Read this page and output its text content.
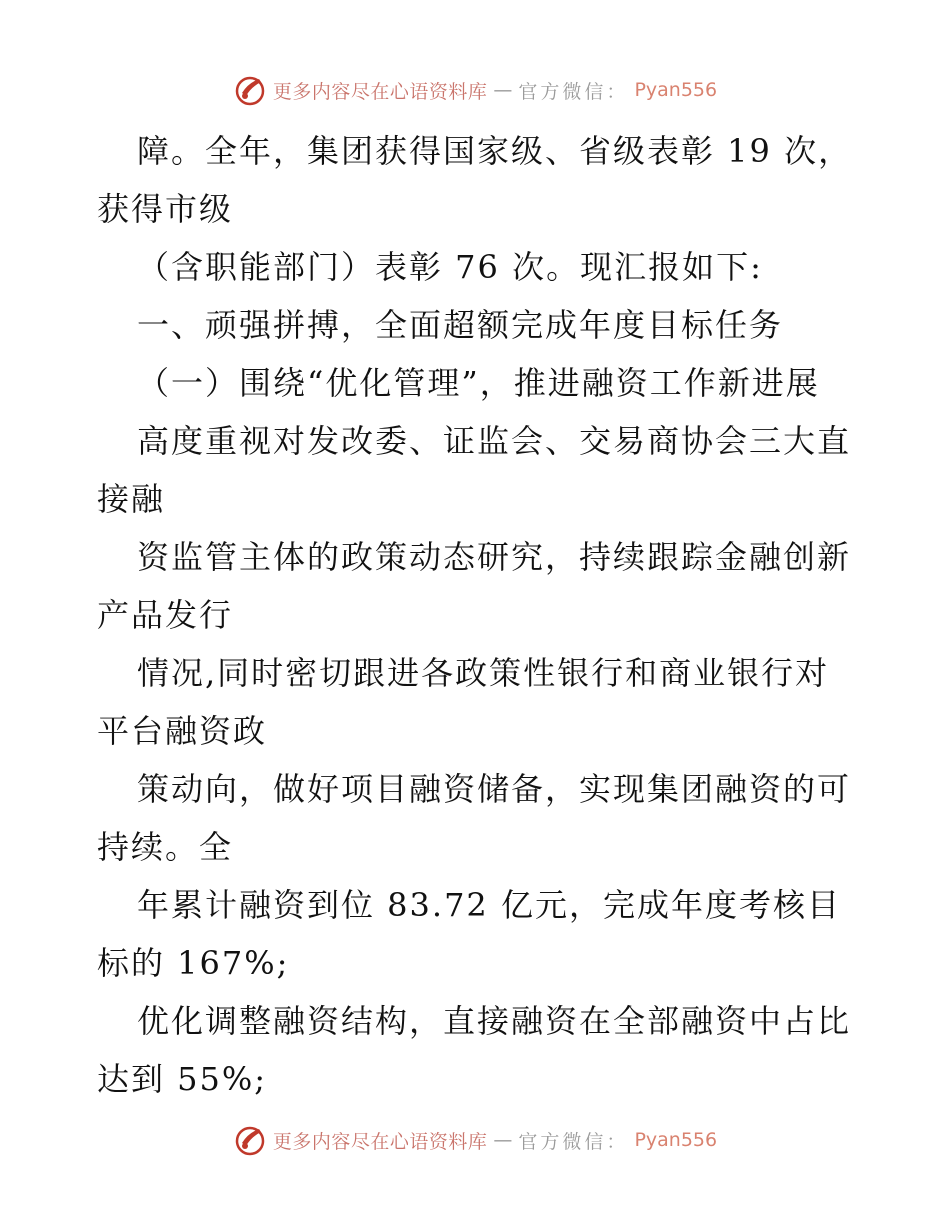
更多内容尽在心语资料库 — 官方微信： Pyan556
障。全年，集团获得国家级、省级表彰 19 次，
获得市级
（含职能部门）表彰 76 次。现汇报如下:
一、顽强拼搏，全面超额完成年度目标任务
（一）围绕“优化管理”，推进融资工作新进展
高度重视对发改委、证监会、交易商协会三大直
接融
资监管主体的政策动态研究，持续跟踪金融创新
产品发行
情况,同时密切跟进各政策性银行和商业银行对
平台融资政
策动向，做好项目融资储备，实现集团融资的可
持续。全
年累计融资到位 83.72 亿元，完成年度考核目
标的 167%;
优化调整融资结构，直接融资在全部融资中占比
达到 55%;
更多内容尽在心语资料库 — 官方微信： Pyan556
